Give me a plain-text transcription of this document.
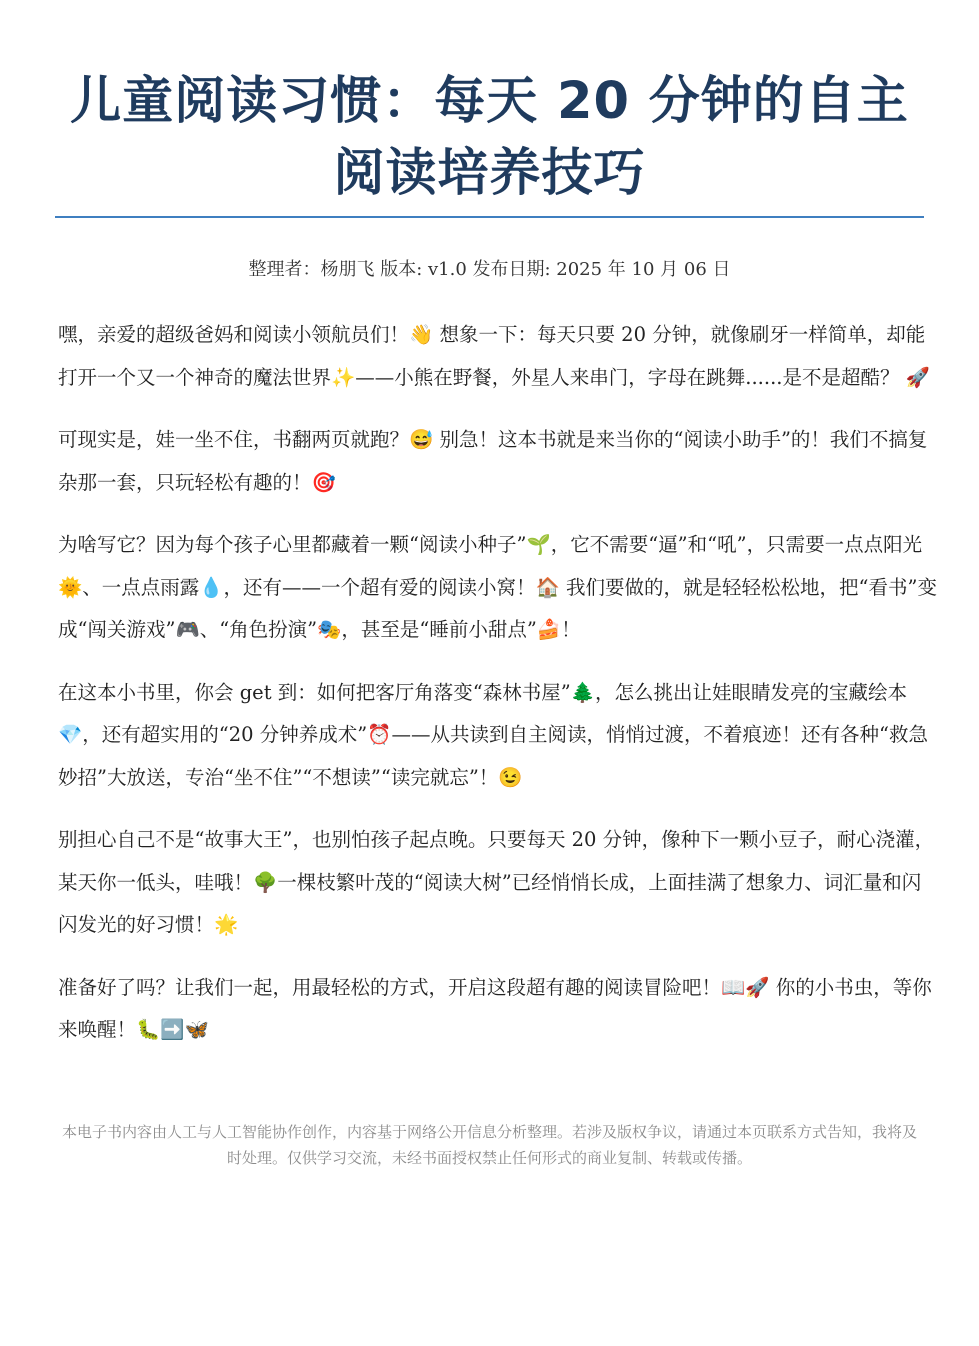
儿童阅读习惯：每天 20 分钟的自主阅读培养技巧
整理者：杨朋飞 版本: v1.0 发布日期: 2025 年 10 月 06 日

嘿，亲爱的超级爸妈和阅读小领航员们！👋 想象一下：每天只要 20 分钟，就像刷牙一样简单，却能打开一个又一个神奇的魔法世界✨——小熊在野餐，外星人来串门，字母在跳舞......是不是超酷？ 🚀

可现实是，娃一坐不住，书翻两页就跑？😅 别急！这本书就是来当你的“阅读小助手”的！我们不搞复杂那一套，只玩轻松有趣的！🎯

为啥写它？因为每个孩子心里都藏着一颗“阅读小种子”🌱，它不需要“逼”和“吼”，只需要一点点阳光🌞、一点点雨露💧，还有——一个超有爱的阅读小窝！🏠 我们要做的，就是轻轻松松地，把“看书”变成“闯关游戏”🎮、“角色扮演”🎭，甚至是“睡前小甜点”🍰！

在这本小书里，你会 get 到：如何把客厅角落变“森林书屋”🌲，怎么挑出让娃眼睛发亮的宝藏绘本💎，还有超实用的“20 分钟养成术”⏰——从共读到自主阅读，悄悄过渡，不着痕迹！还有各种“救急妙招”大放送，专治“坐不住”“不想读”“读完就忘”！😉

别担心自己不是“故事大王”，也别怕孩子起点晚。只要每天 20 分钟，像种下一颗小豆子，耐心浇灌，某天你一低头，哇哦！🌳一棵枝繁叶茂的“阅读大树”已经悄悄长成，上面挂满了想象力、词汇量和闪闪发光的好习惯！🌟

准备好了吗？让我们一起，用最轻松的方式，开启这段超有趣的阅读冒险吧！📖🚀 你的小书虫，等你来唤醒！🐛➡️🦋

本电子书内容由人工与人工智能协作创作，内容基于网络公开信息分析整理。若涉及版权争议，请通过本页联系方式告知，我将及时处理。仅供学习交流，未经书面授权禁止任何形式的商业复制、转载或传播。
